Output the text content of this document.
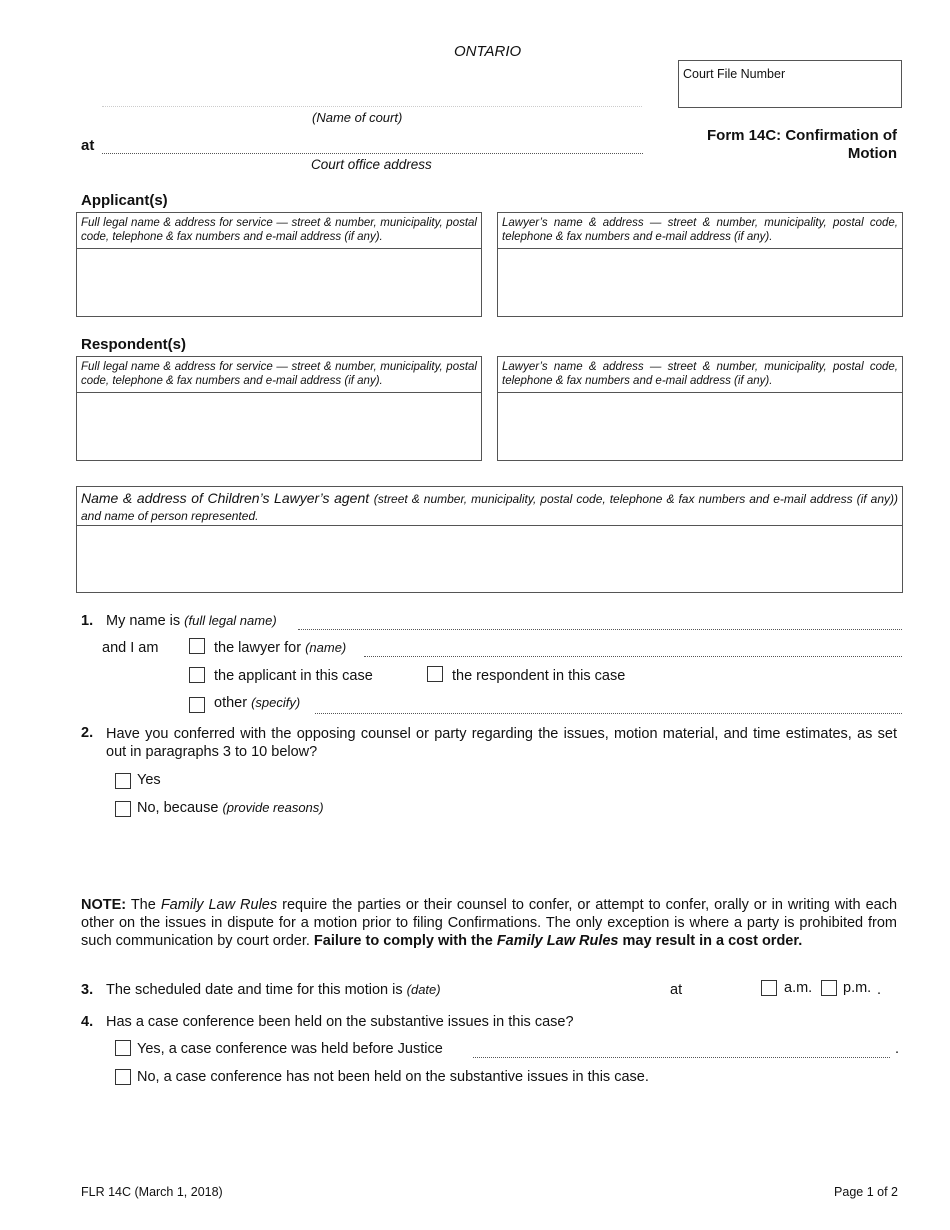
ONTARIO
Court File Number
(Name of court)
at
Court office address
Form 14C: Confirmation of
Motion
Applicant(s)
Full legal name & address for service — street & number, municipality, postal code, telephone & fax numbers and e-mail address (if any).
Lawyer’s name & address — street & number, municipality, postal code, telephone & fax numbers and e-mail address (if any).
Respondent(s)
Full legal name & address for service — street & number, municipality, postal code, telephone & fax numbers and e-mail address (if any).
Lawyer’s name & address — street & number, municipality, postal code, telephone & fax numbers and e-mail address (if any).
Name & address of Children’s Lawyer’s agent (street & number, municipality, postal code, telephone & fax numbers and e-mail address (if any)) and name of person represented.
1. My name is (full legal name)
and I am	the lawyer for (name)
the applicant in this case	the respondent in this case
other (specify)
2. Have you conferred with the opposing counsel or party regarding the issues, motion material, and time estimates, as set out in paragraphs 3 to 10 below?
Yes
No, because (provide reasons)
NOTE: The Family Law Rules require the parties or their counsel to confer, or attempt to confer, orally or in writing with each other on the issues in dispute for a motion prior to filing Confirmations. The only exception is where a party is prohibited from such communication by court order. Failure to comply with the Family Law Rules may result in a cost order.
3. The scheduled date and time for this motion is (date)	at	a.m. p.m. .
4. Has a case conference been held on the substantive issues in this case?
Yes, a case conference was held before Justice	.
No, a case conference has not been held on the substantive issues in this case.
FLR 14C (March 1, 2018)	Page 1 of 2
